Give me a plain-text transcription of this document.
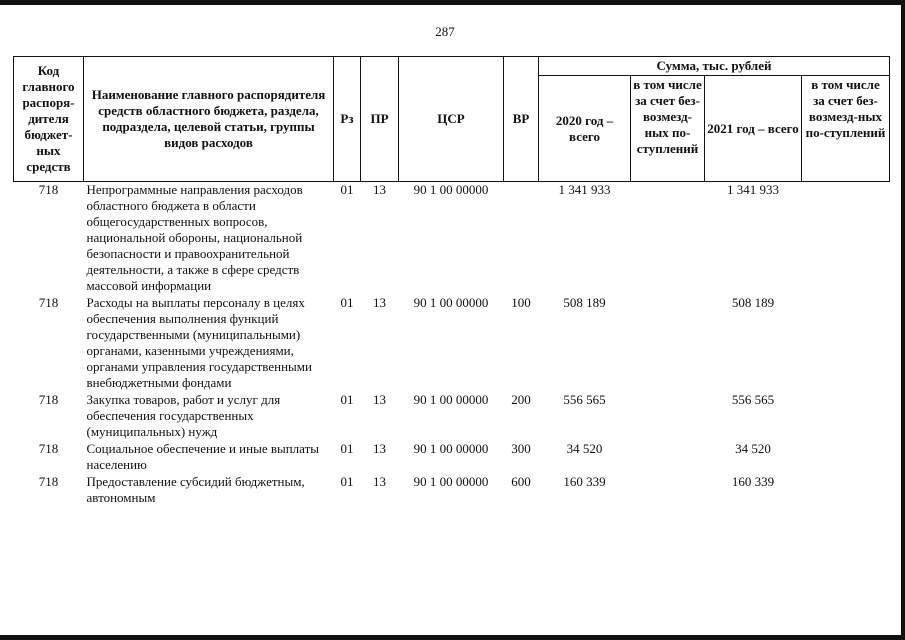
287
Код главного распоря-дителя бюджет-ных средств	Наименование главного распорядителя средств областного бюджета, раздела, подраздела, целевой статьи, группы видов расходов	Рз	ПР	ЦСР	ВР	Сумма, тыс. рублей			
						2020 год – всего	в том числе за счет без-возмезд-ных по-ступлений	2021 год – всего	в том числе за счет без-возмезд-ных по-ступлений
718	Непрограммные направления расходов областного бюджета в области общегосударственных вопросов, национальной обороны, национальной безопасности и правоохранительной деятельности, а также в сфере средств массовой информации	01	13	90 1 00 00000		1 341 933		1 341 933	
718	Расходы на выплаты персоналу в целях обеспечения выполнения функций государственными (муниципальными) органами, казенными учреждениями, органами управления государственными внебюджетными фондами	01	13	90 1 00 00000	100	508 189		508 189	
718	Закупка товаров, работ и услуг для обеспечения государственных (муниципальных) нужд	01	13	90 1 00 00000	200	556 565		556 565	
718	Социальное обеспечение и иные выплаты населению	01	13	90 1 00 00000	300	34 520		34 520	
718	Предоставление субсидий бюджетным, автономным	01	13	90 1 00 00000	600	160 339		160 339	
